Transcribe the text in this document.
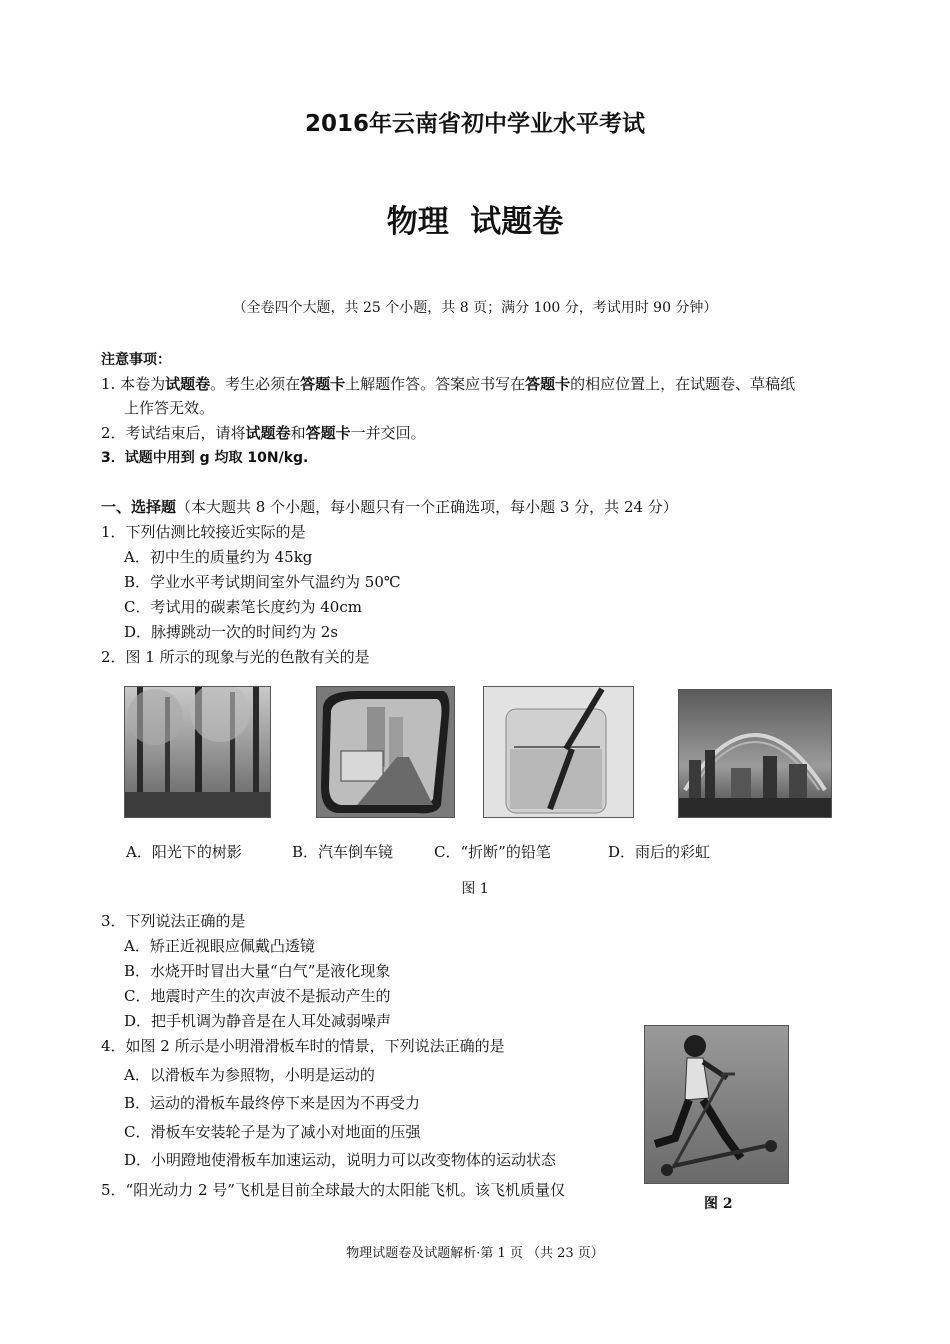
2016年云南省初中学业水平考试
物理  试题卷
（全卷四个大题，共 25 个小题，共 8 页；满分 100 分，考试用时 90 分钟）
注意事项：
1. 本卷为试题卷。考生必须在答题卡上解题作答。答案应书写在答题卡的相应位置上，在试题卷、草稿纸
上作答无效。
2．考试结束后，请将试题卷和答题卡一并交回。
3．试题中用到 g 均取 10N/kg.
一、选择题（本大题共 8 个小题，每小题只有一个正确选项，每小题 3 分，共 24 分）
1．下列估测比较接近实际的是
A．初中生的质量约为 45kg
B．学业水平考试期间室外气温约为 50℃
C．考试用的碳素笔长度约为 40cm
D．脉搏跳动一次的时间约为 2s
2．图 1 所示的现象与光的色散有关的是
A．阳光下的树影	B．汽车倒车镜	C．“折断”的铅笔	D．雨后的彩虹
图 1
3．下列说法正确的是
A．矫正近视眼应佩戴凸透镜
B．水烧开时冒出大量“白气”是液化现象
C．地震时产生的次声波不是振动产生的
D．把手机调为静音是在人耳处减弱噪声
4．如图 2 所示是小明滑滑板车时的情景，下列说法正确的是
A．以滑板车为参照物，小明是运动的
B．运动的滑板车最终停下来是因为不再受力
C．滑板车安装轮子是为了减小对地面的压强
D．小明蹬地使滑板车加速运动，说明力可以改变物体的运动状态
图 2
5．“阳光动力 2 号”飞机是目前全球最大的太阳能飞机。该飞机质量仅
物理试题卷及试题解析·第 1 页 （共 23 页）
